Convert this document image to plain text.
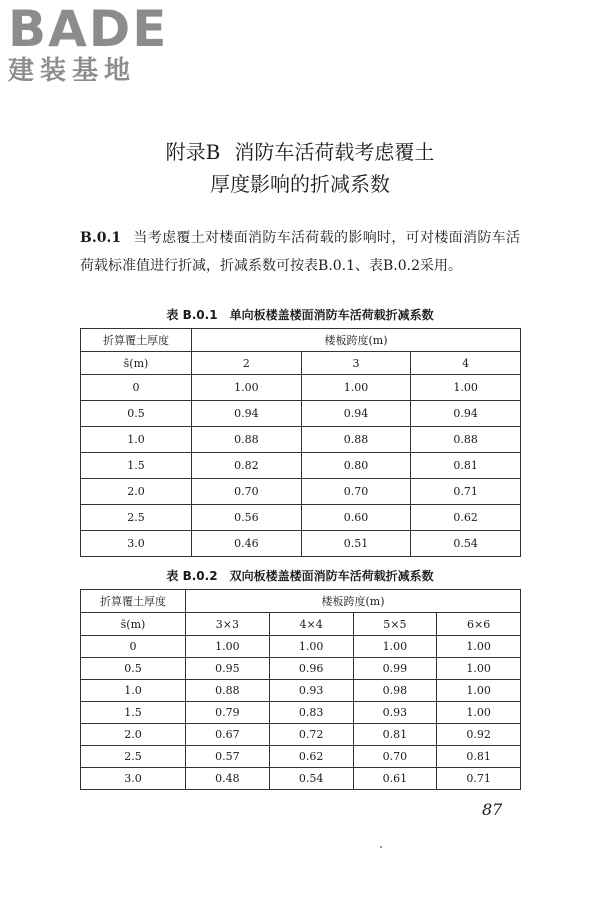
BADE
建装基地
附录B 消防车活荷载考虑覆土
厚度影响的折减系数
B.0.1 当考虑覆土对楼面消防车活荷载的影响时，可对楼面消防车活荷载标准值进行折减，折减系数可按表B.0.1、表B.0.2采用。
表 B.0.1 单向板楼盖楼面消防车活荷载折减系数
折算覆土厚度	楼板跨度(m)		
s̄(m)	2	3	4
0	1.00	1.00	1.00
0.5	0.94	0.94	0.94
1.0	0.88	0.88	0.88
1.5	0.82	0.80	0.81
2.0	0.70	0.70	0.71
2.5	0.56	0.60	0.62
3.0	0.46	0.51	0.54
表 B.0.2 双向板楼盖楼面消防车活荷载折减系数
折算覆土厚度	楼板跨度(m)			
s̄(m)	3×3	4×4	5×5	6×6
0	1.00	1.00	1.00	1.00
0.5	0.95	0.96	0.99	1.00
1.0	0.88	0.93	0.98	1.00
1.5	0.79	0.83	0.93	1.00
2.0	0.67	0.72	0.81	0.92
2.5	0.57	0.62	0.70	0.81
3.0	0.48	0.54	0.61	0.71
87
